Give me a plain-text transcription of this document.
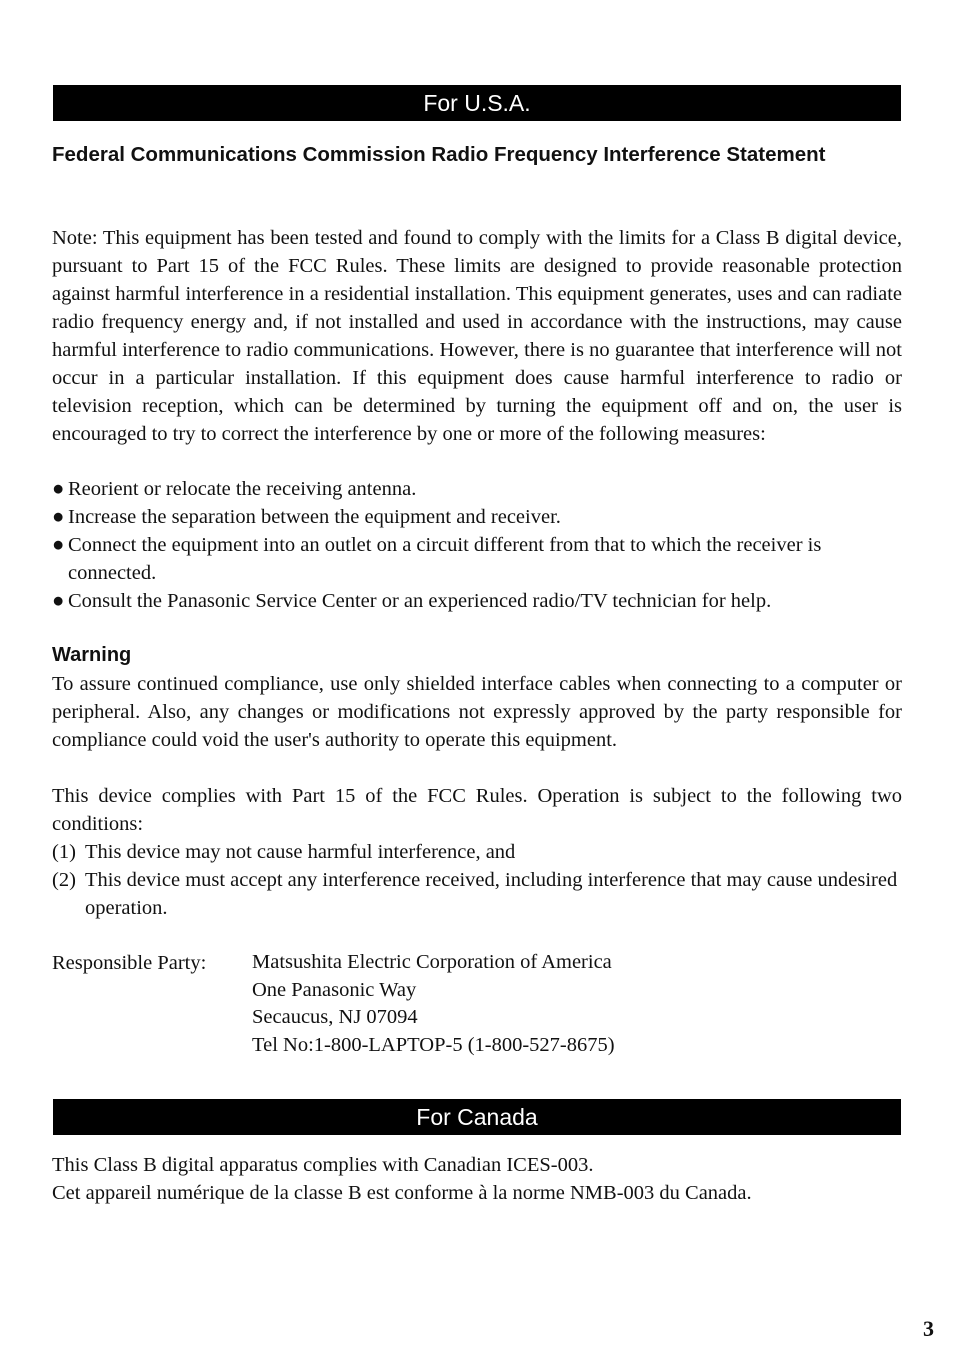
For U.S.A.
Federal Communications Commission Radio Frequency Interference Statement
Note: This equipment has been tested and found to comply with the limits for a Class B digital device, pursuant to Part 15 of the FCC Rules. These limits are designed to provide reasonable protection against harmful interference in a residential installation. This equipment generates, uses and can radiate radio frequency energy and, if not installed and used in accordance with the instructions, may cause harmful interference to radio communications. However, there is no guarantee that interference will not occur in a particular installation. If this equipment does cause harmful interference to radio or television reception, which can be determined by turning the equipment off and on, the user is encouraged to try to correct the interference by one or more of the following measures:
● Reorient or relocate the receiving antenna.
● Increase the separation between the equipment and receiver.
● Connect the equipment into an outlet on a circuit different from that to which the receiver is connected.
● Consult the Panasonic Service Center or an experienced radio/TV technician for help.
Warning
To assure continued compliance, use only shielded interface cables when connecting to a computer or peripheral. Also, any changes or modifications not expressly approved by the party responsible for compliance could void the user's authority to operate this equipment.
This device complies with Part 15 of the FCC Rules. Operation is subject to the following two conditions:
(1) This device may not cause harmful interference, and
(2) This device must accept any interference received, including interference that may cause undesired operation.
Responsible Party: Matsushita Electric Corporation of America
One Panasonic Way
Secaucus, NJ 07094
Tel No:1-800-LAPTOP-5 (1-800-527-8675)
For Canada
This Class B digital apparatus complies with Canadian ICES-003.
Cet appareil numérique de la classe B est conforme à la norme NMB-003 du Canada.
3
